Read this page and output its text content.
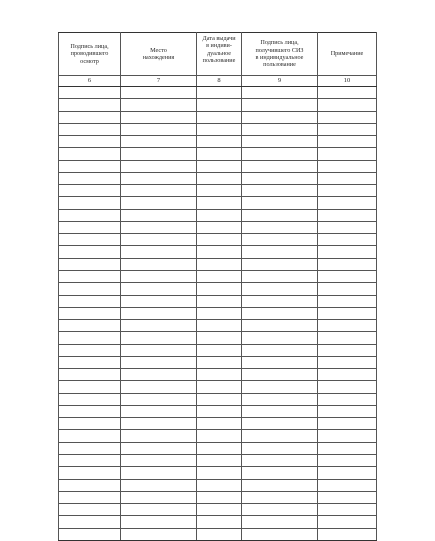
Подпись лица,
проводившего
осмотр	Место
нахождения	Дата выдачи
в индиви-
дуальное
пользование	Подпись лица,
получившего СИЗ
в индивидуальное
пользование	Примечание
6	7	8	9	10
